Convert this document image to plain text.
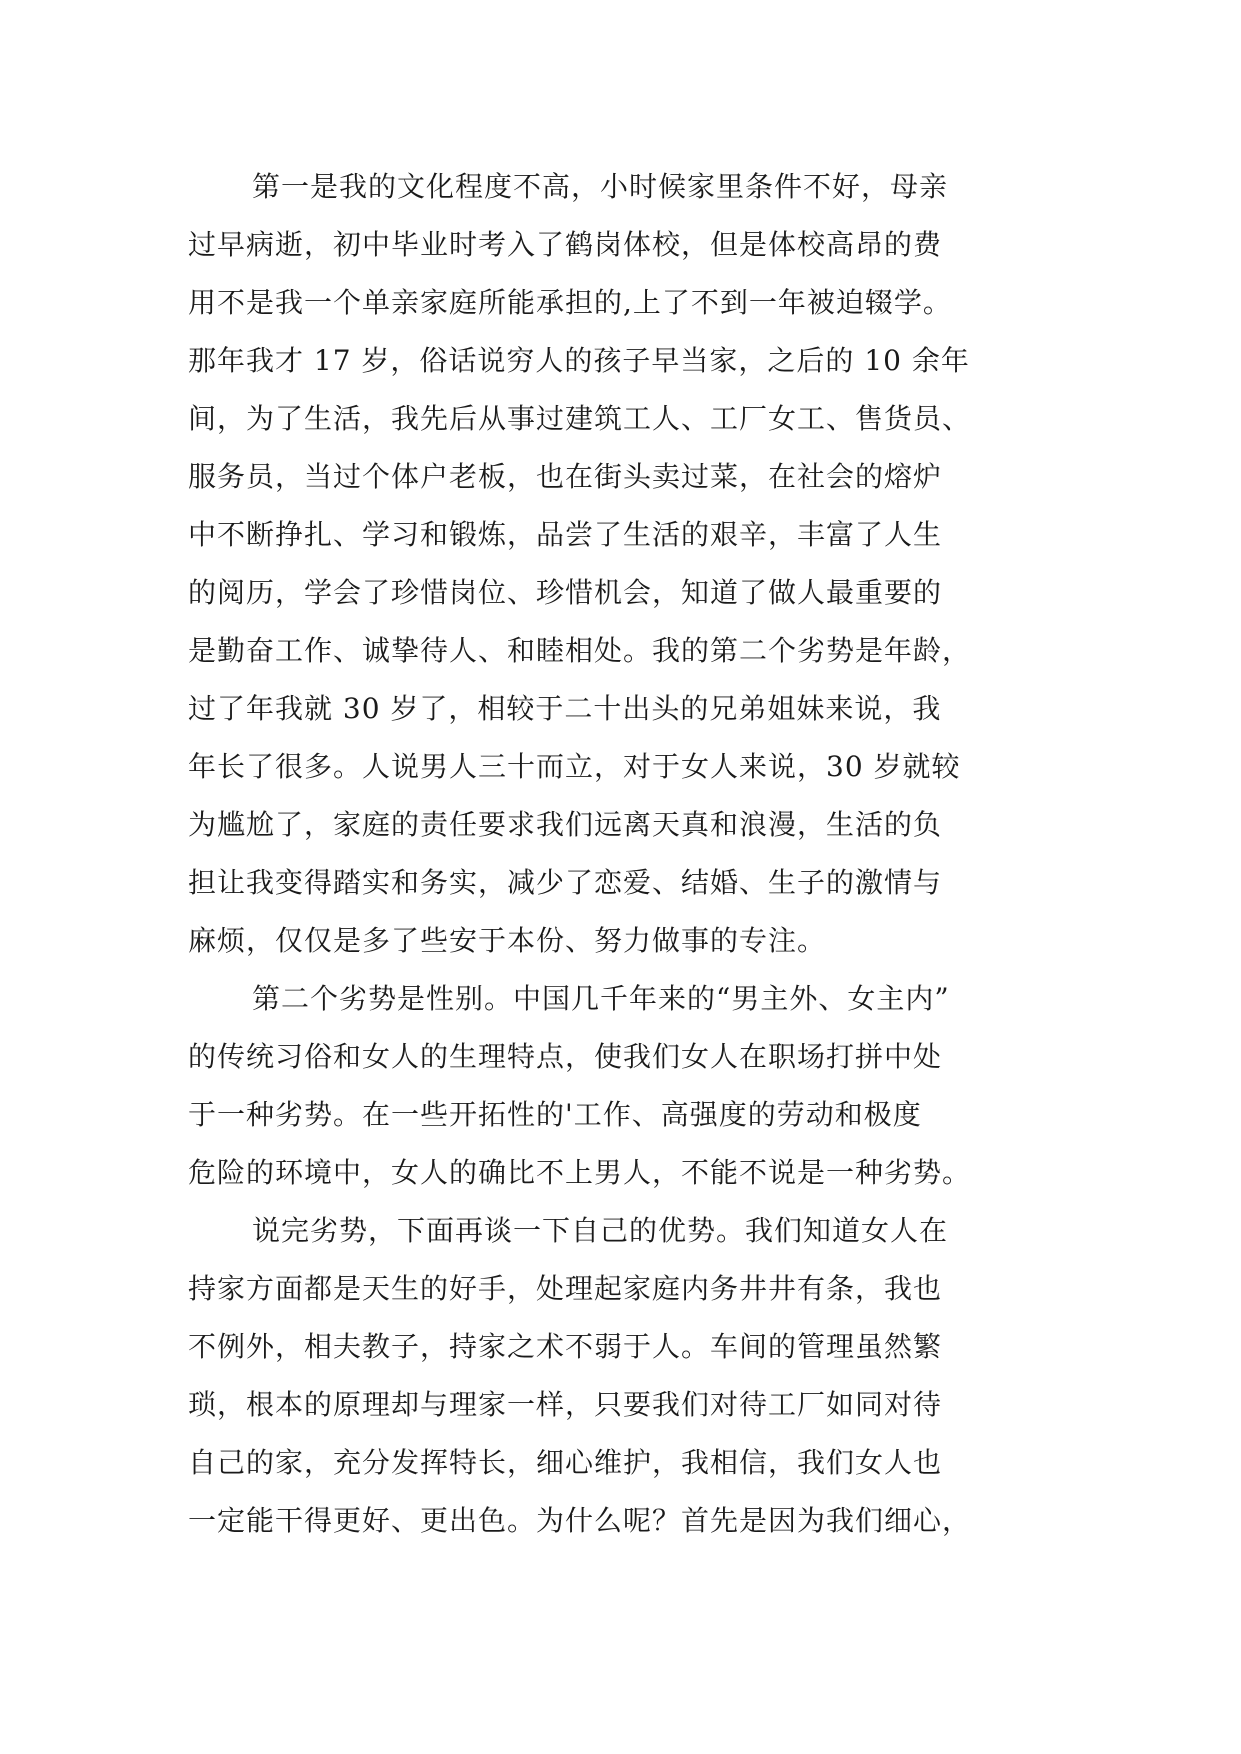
第一是我的文化程度不高，小时候家里条件不好，母亲
过早病逝，初中毕业时考入了鹤岗体校，但是体校高昂的费
用不是我一个单亲家庭所能承担的,上了不到一年被迫辍学。
那年我才 17 岁，俗话说穷人的孩子早当家，之后的 10 余年
间，为了生活，我先后从事过建筑工人、工厂女工、售货员、
服务员，当过个体户老板，也在街头卖过菜，在社会的熔炉
中不断挣扎、学习和锻炼，品尝了生活的艰辛，丰富了人生
的阅历，学会了珍惜岗位、珍惜机会，知道了做人最重要的
是勤奋工作、诚挚待人、和睦相处。我的第二个劣势是年龄，
过了年我就 30 岁了，相较于二十出头的兄弟姐妹来说，我
年长了很多。人说男人三十而立，对于女人来说，30 岁就较
为尴尬了，家庭的责任要求我们远离天真和浪漫，生活的负
担让我变得踏实和务实，减少了恋爱、结婚、生子的激情与
麻烦，仅仅是多了些安于本份、努力做事的专注。
第二个劣势是性别。中国几千年来的“男主外、女主内”
的传统习俗和女人的生理特点，使我们女人在职场打拼中处
于一种劣势。在一些开拓性的'工作、高强度的劳动和极度
危险的环境中，女人的确比不上男人，不能不说是一种劣势。
说完劣势，下面再谈一下自己的优势。我们知道女人在
持家方面都是天生的好手，处理起家庭内务井井有条，我也
不例外，相夫教子，持家之术不弱于人。车间的管理虽然繁
琐，根本的原理却与理家一样，只要我们对待工厂如同对待
自己的家，充分发挥特长，细心维护，我相信，我们女人也
一定能干得更好、更出色。为什么呢？首先是因为我们细心，
